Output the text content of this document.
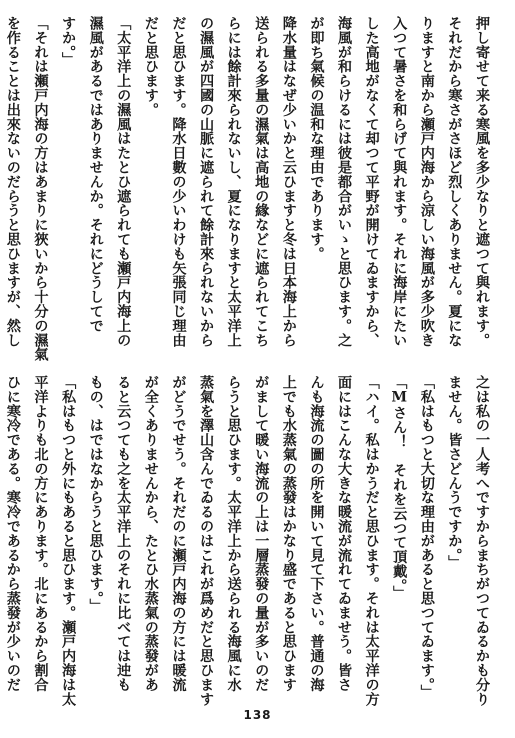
押し寄せて来る寒風を多少なりと遮つて與れます。
それだから寒さがさほど烈しくありません。夏にな
りますと南から瀬戸内海から涼しい海風が多少吹き
入つて暑さを和らげて與れます。それに海岸にたい
した高地がなくて却つて平野が開けてゐますから、
海風が和らけるには彼是都合がいゝと思ひます。之
が即ち氣候の温和な理由であります。
降水量はなぜ少いかと云ひますと冬は日本海上から
送られる多量の濕氣は高地の緣などに遮られてこち
らには餘計來られないし、夏になりますと太平洋上
の濕風が四國の山脈に遮られて餘計來られないから
だと思ひます。降水日數の少いわけも矢張同じ理由
だと思ひます。
「太平洋上の濕風はたとひ遮られても瀬戸内海上の
濕風があるではありませんか。それにどうしてで
すか。」
「それは瀬戸内海の方はあまりに狹いから十分の濕氣
を作ることは出來ないのだらうと思ひますが、然し
之は私の一人考へですからまちがつてゐるかも分り
ません。皆さどんうですか。」
「私はもつと大切な理由があると思つてゐます。」
「Mさん！　それを云つて頂戴。」
「ハイ。私はかうだと思ひます。それは太平洋の方
面にはこんな大きな暖流が流れてゐませう。皆さ
んも海流の圖の所を開いて見て下さい。普通の海
上でも水蒸氣の蒸發はかなり盛であると思ひます
がまして暖い海流の上は一層蒸發の量が多いのだ
らうと思ひます。太平洋上から送られる海風に水
蒸氣を澤山含んでゐるのはこれが爲めだと思ひます
がどうでせう。それだのに瀬戸内海の方には暖流
が全くありませんから、たとひ水蒸氣の蒸發があ
ると云つても之を太平洋上のそれに比べては迚も
もの、はではなからうと思ひます。」
「私はもつと外にもあると思ひます。瀬戸内海は太
平洋よりも北の方にあります。北にあるから割合
ひに寒冷である。寒冷であるから蒸發が少いのだ
138
